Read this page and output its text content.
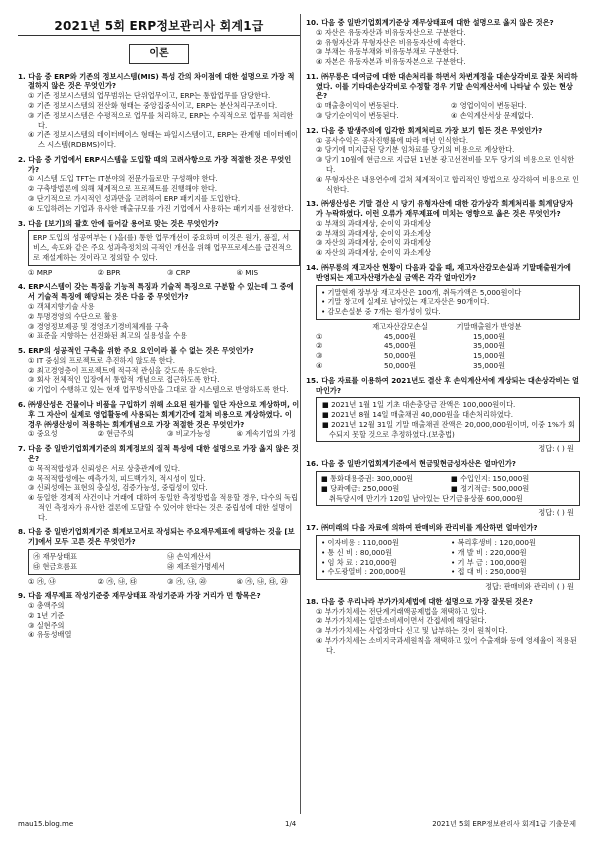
2021년 5회 ERP정보관리사 회계1급
이론
1. 다음 중 ERP와 기존의 정보시스템(MIS) 특성 간의 차이점에 대한 설명으로 가장 적절하지 않은 것은 무엇인가?
① 기존 정보시스템의 업무범위는 단위업무이고, ERP는 통합업무를 담당한다.
② 기존 정보시스템의 전산화 형태는 중앙집중식이고, ERP는 분산처리구조이다.
③ 기존 정보시스템은 수평적으로 업무를 처리하고, ERP는 수직적으로 업무를 처리한다.
④ 기존 정보시스템의 데이터베이스 형태는 파일시스템이고, ERP는 관계형 데이터베이스 시스템(RDBMS)이다.
2. 다음 중 기업에서 ERP시스템을 도입할 때의 고려사항으로 가장 적절한 것은 무엇인가?
① 시스템 도입 TFT는 IT분야의 전문가들로만 구성해야 한다.
② 구축방법론에 의해 체계적으로 프로젝트를 진행해야 한다.
③ 단기적으로 가시적인 성과만을 고려하여 ERP 패키지를 도입한다.
④ 도입하려는 기업과 유사한 매출규모를 가진 기업에서 사용하는 패키지를 선정한다.
3. 다음 [보기]의 괄호 안에 들어갈 용어로 맞는 것은 무엇인가?
ERP 도입의 성공여부는 ( )을(를) 통한 업무개선이 중요하며 이것은 원가, 품질, 서비스, 속도와 같은 주요 성과측정치의 극적인 개선을 위해 업무프로세스를 급진적으로 재설계하는 것이라고 정의할 수 있다.
① MRP	② BPR	③ CRP	④ MIS
4. ERP시스템이 갖는 특징을 기능적 특징과 기술적 특징으로 구분할 수 있는데 그 중에서 기술적 특징에 해당되는 것은 다음 중 무엇인가?
① 객체지향기술 사용
② 투명경영의 수단으로 활용
③ 경영정보제공 및 경영조기경비체계를 구축
④ 표준을 지향하는 선진화된 최고의 실용성을 수용
5. ERP의 성공적인 구축을 위한 주요 요인이라 볼 수 없는 것은 무엇인가?
① IT 중심의 프로젝트로 추진하지 않도록 한다.
② 최고경영층이 프로젝트에 적극적 관심을 갖도록 유도한다.
③ 회사 전체적인 입장에서 통합적 개념으로 접근하도록 한다.
④ 기업이 수행하고 있는 현재 업무방식만을 그대로 잘 시스템으로 반영하도록 한다.
6. ㈜생산성은 건물이나 비품을 구입하기 위해 소요된 원가를 일단 자산으로 계상하며, 이후 그 자산이 실제로 영업활동에 사용되는 회계기간에 걸쳐 비용으로 계상하였다. 이 경우 ㈜생산성이 적용하는 회계개념으로 가장 적절한 것은 무엇인가?
① 중요성	② 현금주의	③ 비교가능성	④ 계속기업의 가정
7. 다음 중 일반기업회계기준의 회계정보의 질적 특성에 대한 설명으로 가장 옳지 않은 것은?
① 목적적합성과 신뢰성은 서로 상충관계에 있다.
② 목적적합성에는 예측가치, 피드백가치, 적시성이 있다.
③ 신뢰성에는 표현의 충실성, 검증가능성, 중립성이 있다.
④ 동일한 경제적 사건이나 거래에 대하여 동일한 측정방법을 적용할 경우, 다수의 독립적인 측정자가 유사한 결론에 도달할 수 있어야 한다는 것은 중립성에 대한 설명이다.
8. 다음 중 일반기업회계기준 회계보고서로 작성되는 주요재무제표에 해당하는 것을 [보기]에서 모두 고른 것은 무엇인가?
㉮ 재무상태표	㉯ 손익계산서
㉰ 현금흐름표	㉱ 제조원가명세서
① ㉮, ㉯	② ㉮, ㉯, ㉰	③ ㉮, ㉯, ㉱	④ ㉮, ㉯, ㉰, ㉱
9. 다음 재무제표 작성기준중 재무상태표 작성기준과 가장 거리가 먼 항목은?
① 총액주의
② 1년 기준
③ 실현주의
④ 유동성배열
10. 다음 중 일반기업회계기준상 재무상태표에 대한 설명으로 옳지 않은 것은?
① 자산은 유동자산과 비유동자산으로 구분한다.
② 유형자산과 무형자산은 비유동자산에 속한다.
③ 부채는 유동부채와 비유동부채로 구분한다.
④ 자본은 유동자본과 비유동자본으로 구분한다.
11. ㈜무릉은 대여금에 대한 대손처리를 하면서 차변계정을 대손상각비로 잘못 처리하였다. 이를 기타대손상각비로 수정할 경우 기말 손익계산서에 나타날 수 있는 현상은?
① 매출총이익이 변동된다.	② 영업이익이 변동된다.
③ 당기순이익이 변동된다.	④ 손익계산서상 문제없다.
12. 다음 중 발생주의에 입각한 회계처리로 가장 보기 힘든 것은 무엇인가?
① 공사수익은 공사진행률에 따라 매년 인식한다.
② 당기에 미지급된 당기분 임차료를 당기의 비용으로 계상한다.
③ 당기 10월에 현금으로 지급된 1년분 광고선전비를 모두 당기의 비용으로 인식한다.
④ 무형자산은 내용연수에 걸쳐 체계적이고 합리적인 방법으로 상각하여 비용으로 인식한다.
13. ㈜생산성은 기말 결산 시 당기 유형자산에 대한 감가상각 회계처리를 회계담당자가 누락하였다. 이런 오류가 재무제표에 미치는 영향으로 옳은 것은 무엇인가?
① 부채의 과대계상, 순이익 과대계상
② 부채의 과대계상, 순이익 과소계상
③ 자산의 과대계상, 순이익 과대계상
④ 자산의 과대계상, 순이익 과소계상
14. ㈜무릉의 재고자산 현황이 다음과 같을 때, 재고자산감모손실과 기말매출원가에 반영되는 재고자산평가손실 금액은 각각 얼마인가?
• 기말현재 장부상 재고자산은 100개, 취득가액은 5,000원이다
• 기말 창고에 실제로 남아있는 재고자산은 90개이다.
• 감모손실분 중 7개는 원가성이 있다.
재고자산감모손실	기말매출원가 반영분
①	45,000원	15,000원
②	45,000원	35,000원
③	50,000원	15,000원
④	50,000원	35,000원
15. 다음 자료를 이용하여 2021년도 결산 후 손익계산서에 계상되는 대손상각비는 얼마인가?
■ 2021년 1월 1일 기초 대손충당금 잔액은 100,000원이다.
■ 2021년 8월 14일 매출채권 40,000원을 대손처리하였다.
■ 2021년 12월 31일 기말 매출채권 잔액은 20,000,000원이며, 이중 1%가 회수되지 못할 것으로 추정하였다.(보충법)
정답: ( ) 원
16. 다음 중 일반기업회계기준에서 현금및현금성자산은 얼마인가?
■ 통화대용증권: 300,000원	■ 수입인지: 150,000원
■ 당좌예금: 250,000원	■ 정기적금: 500,000원
취득당시에 만기가 120일 남아있는 단기금융상품 600,000원
정답: ( ) 원
17. ㈜미래의 다음 자료에 의하여 판매비와 관리비를 계산하면 얼마인가?
• 이자비용 : 110,000원	• 복리후생비 : 120,000원
• 통 신 비 : 80,000원	• 개 발 비 : 220,000원
• 임 차 료 : 210,000원	• 기 부 금 : 100,000원
• 수도광열비 : 200,000원	• 접 대 비 : 250,000원
정답: 판매비와 관리비 ( ) 원
18. 다음 중 우리나라 부가가치세법에 대한 설명으로 가장 잘못된 것은?
① 부가가치세는 전단계거래액공제법을 채택하고 있다.
② 부가가치세는 일반소비세이면서 간접세에 해당된다.
③ 부가가치세는 사업장마다 신고 및 납부하는 것이 원칙이다.
④ 부가가치세는 소비지국과세원칙을 채택하고 있어 수출재화 등에 영세율이 적용된다.
mau15.blog.me	1/4	2021년 5회 ERP정보관리사 회계1급 기출문제
